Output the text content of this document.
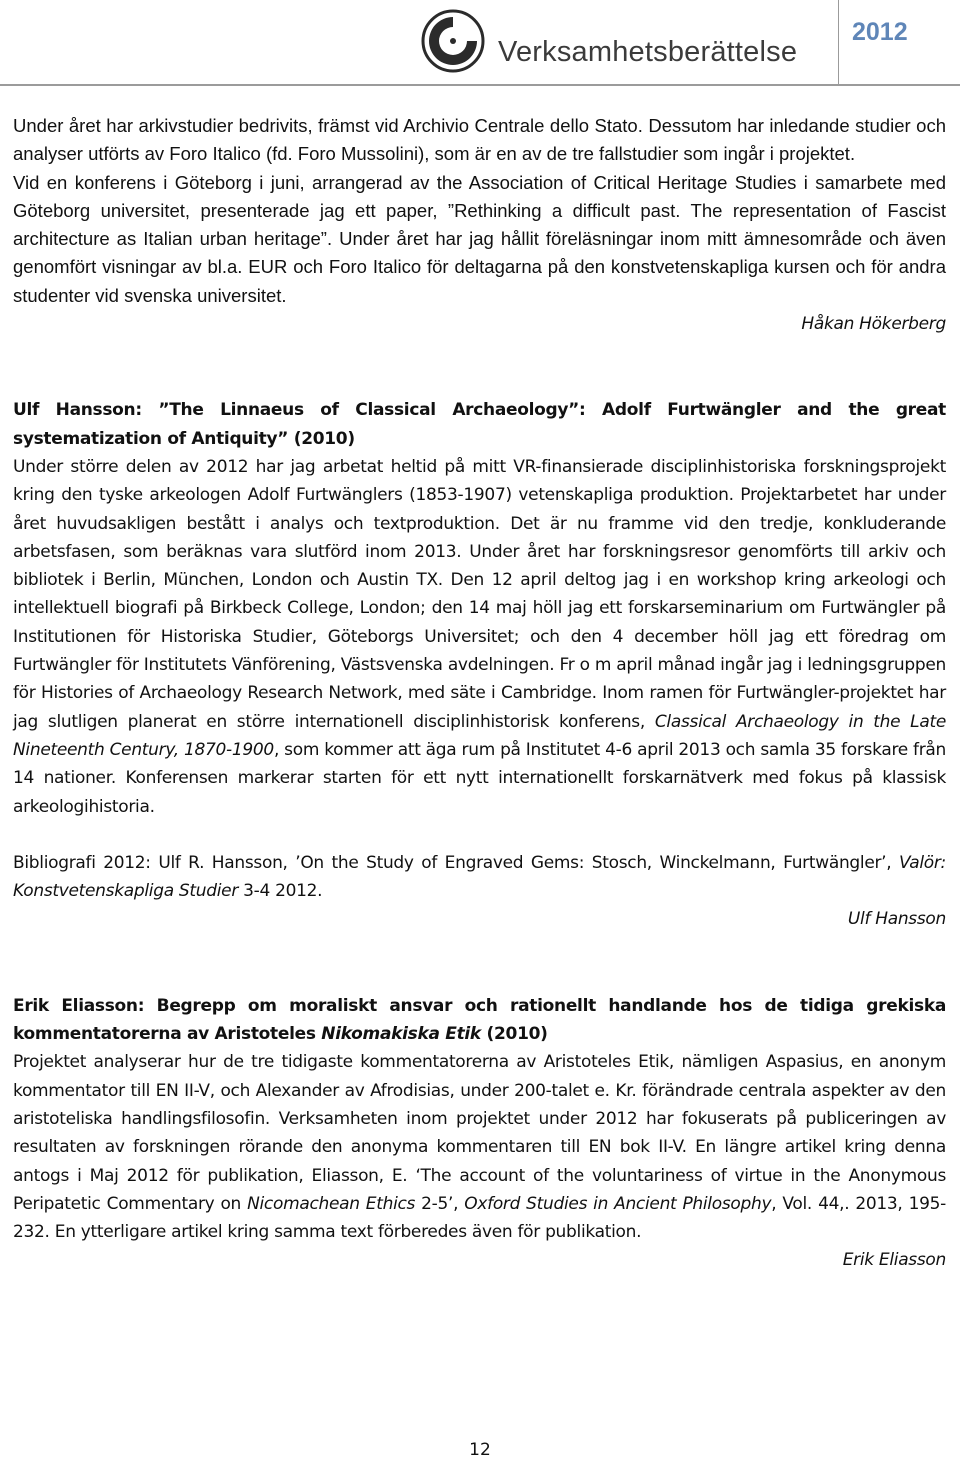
Verksamhetsberättelse
2012

Under året har arkivstudier bedrivits, främst vid Archivio Centrale dello Stato. Dessutom har inledande studier och analyser utförts av Foro Italico (fd. Foro Mussolini), som är en av de tre fallstudier som ingår i projektet.

Vid en konferens i Göteborg i juni, arrangerad av the Association of Critical Heritage Studies i samarbete med Göteborg universitet, presenterade jag ett paper, ”Rethinking a difficult past. The representation of Fascist architecture as Italian urban heritage”. Under året har jag hållit föreläsningar inom mitt ämnesområde och även genomfört visningar av bl.a. EUR och Foro Italico för deltagarna på den konstvetenskapliga kursen och för andra studenter vid svenska universitet.

Håkan Hökerberg

Ulf Hansson: ”The Linnaeus of Classical Archaeology”: Adolf Furtwängler and the great systematization of Antiquity” (2010)

Under större delen av 2012 har jag arbetat heltid på mitt VR-finansierade disciplinhistoriska forskningsprojekt kring den tyske arkeologen Adolf Furtwänglers (1853-1907) vetenskapliga produktion. Projektarbetet har under året huvudsakligen bestått i analys och textproduktion. Det är nu framme vid den tredje, konkluderande arbetsfasen, som beräknas vara slutförd inom 2013. Under året har forskningsresor genomförts till arkiv och bibliotek i Berlin, München, London och Austin TX. Den 12 april deltog jag i en workshop kring arkeologi och intellektuell biografi på Birkbeck College, London; den 14 maj höll jag ett forskarseminarium om Furtwängler på Institutionen för Historiska Studier, Göteborgs Universitet; och den 4 december höll jag ett föredrag om Furtwängler för Institutets Vänförening, Västsvenska avdelningen. Fr o m april månad ingår jag i ledningsgruppen för Histories of Archaeology Research Network, med säte i Cambridge. Inom ramen för Furtwängler-projektet har jag slutligen planerat en större internationell disciplinhistorisk konferens, Classical Archaeology in the Late Nineteenth Century, 1870-1900, som kommer att äga rum på Institutet 4-6 april 2013 och samla 35 forskare från 14 nationer. Konferensen markerar starten för ett nytt internationellt forskarnätverk med fokus på klassisk arkeologihistoria.

Bibliografi 2012: Ulf R. Hansson, ’On the Study of Engraved Gems: Stosch, Winckelmann, Furtwängler’, Valör: Konstvetenskapliga Studier 3-4 2012.

Ulf Hansson

Erik Eliasson: Begrepp om moraliskt ansvar och rationellt handlande hos de tidiga grekiska kommentatorerna av Aristoteles Nikomakiska Etik (2010)

Projektet analyserar hur de tre tidigaste kommentatorerna av Aristoteles Etik, nämligen Aspasius, en anonym kommentator till EN II-V, och Alexander av Afrodisias, under 200-talet e. Kr. förändrade centrala aspekter av den aristoteliska handlingsfilosofin. Verksamheten inom projektet under 2012 har fokuserats på publiceringen av resultaten av forskningen rörande den anonyma kommentaren till EN bok II-V. En längre artikel kring denna antogs i Maj 2012 för publikation, Eliasson, E. ‘The account of the voluntariness of virtue in the Anonymous Peripatetic Commentary on Nicomachean Ethics 2-5’, Oxford Studies in Ancient Philosophy, Vol. 44,. 2013, 195-232. En ytterligare artikel kring samma text förberedes även för publikation.

Erik Eliasson

12
